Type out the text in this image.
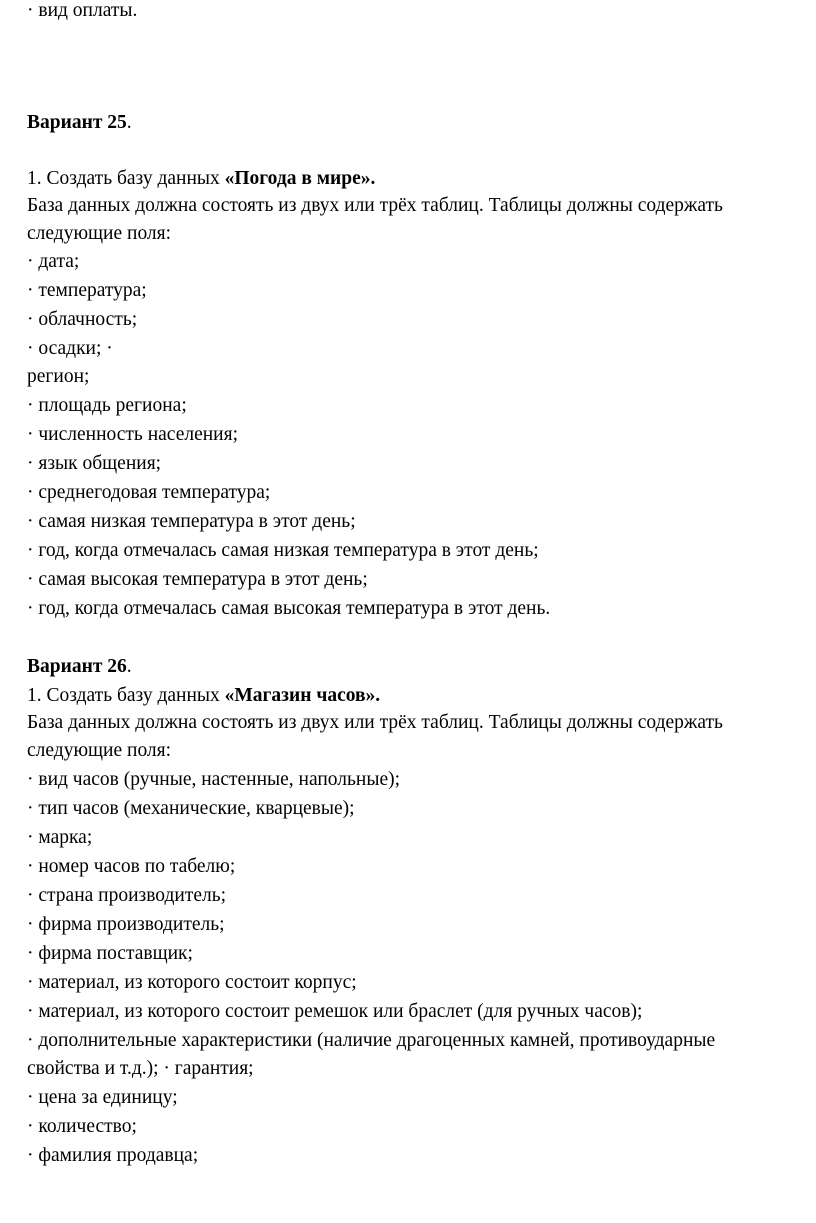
· вид оплаты.
Вариант 25.
1. Создать базу данных «Погода в мире».
База данных должна состоять из двух или трёх таблиц. Таблицы должны содержать
следующие поля:
· дата;
· температура;
· облачность;
· осадки; ·
регион;
· площадь региона;
· численность населения;
· язык общения;
· среднегодовая температура;
· самая низкая температура в этот день;
· год, когда отмечалась самая низкая температура в этот день;
· самая высокая температура в этот день;
· год, когда отмечалась самая высокая температура в этот день.
Вариант 26.
1. Создать базу данных «Магазин часов».
База данных должна состоять из двух или трёх таблиц. Таблицы должны содержать
следующие поля:
· вид часов (ручные, настенные, напольные);
· тип часов (механические, кварцевые);
· марка;
· номер часов по табелю;
· страна производитель;
· фирма производитель;
· фирма поставщик;
· материал, из которого состоит корпус;
· материал, из которого состоит ремешок или браслет (для ручных часов);
· дополнительные характеристики (наличие драгоценных камней, противоударные
свойства и т.д.); · гарантия;
· цена за единицу;
· количество;
· фамилия продавца;
